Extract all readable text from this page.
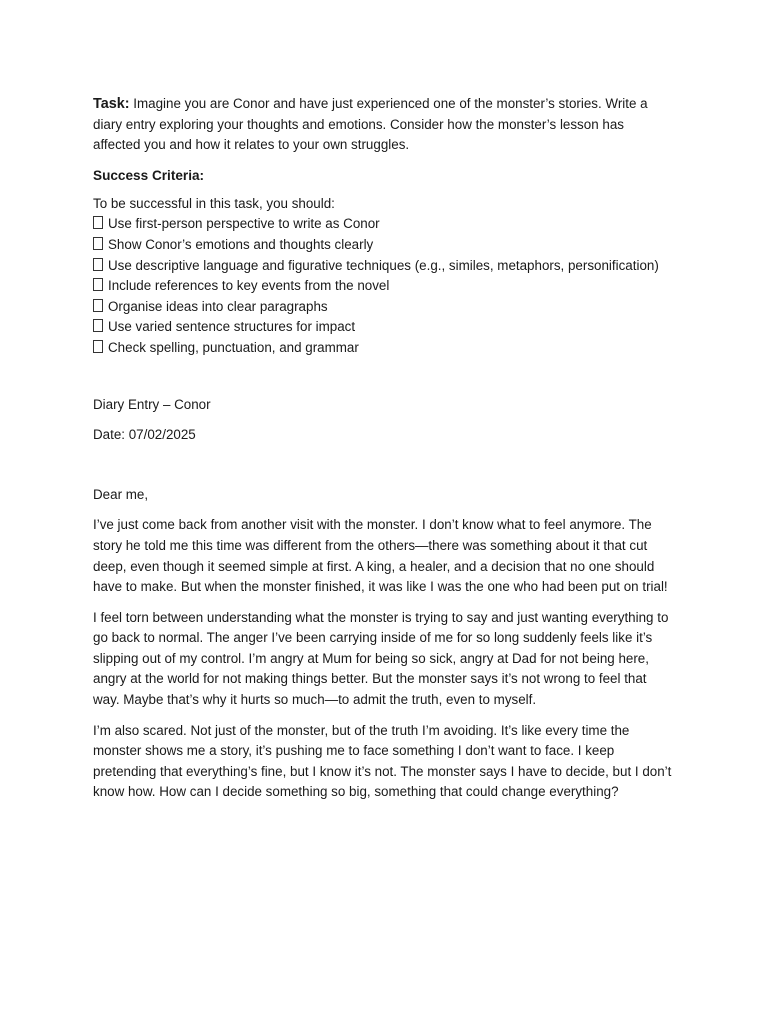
Task: Imagine you are Conor and have just experienced one of the monster’s stories. Write a diary entry exploring your thoughts and emotions. Consider how the monster’s lesson has affected you and how it relates to your own struggles.

Success Criteria:

To be successful in this task, you should:

Use first-person perspective to write as Conor
Show Conor’s emotions and thoughts clearly
Use descriptive language and figurative techniques (e.g., similes, metaphors, personification)
Include references to key events from the novel
Organise ideas into clear paragraphs
Use varied sentence structures for impact
Check spelling, punctuation, and grammar

Diary Entry – Conor

Date: 07/02/2025

Dear me,

I’ve just come back from another visit with the monster. I don’t know what to feel anymore. The story he told me this time was different from the others—there was something about it that cut deep, even though it seemed simple at first. A king, a healer, and a decision that no one should have to make. But when the monster finished, it was like I was the one who had been put on trial!

I feel torn between understanding what the monster is trying to say and just wanting everything to go back to normal. The anger I’ve been carrying inside of me for so long suddenly feels like it’s slipping out of my control. I’m angry at Mum for being so sick, angry at Dad for not being here, angry at the world for not making things better. But the monster says it’s not wrong to feel that way. Maybe that’s why it hurts so much—to admit the truth, even to myself.

I’m also scared. Not just of the monster, but of the truth I’m avoiding. It’s like every time the monster shows me a story, it’s pushing me to face something I don’t want to face. I keep pretending that everything’s fine, but I know it’s not. The monster says I have to decide, but I don’t know how. How can I decide something so big, something that could change everything?
